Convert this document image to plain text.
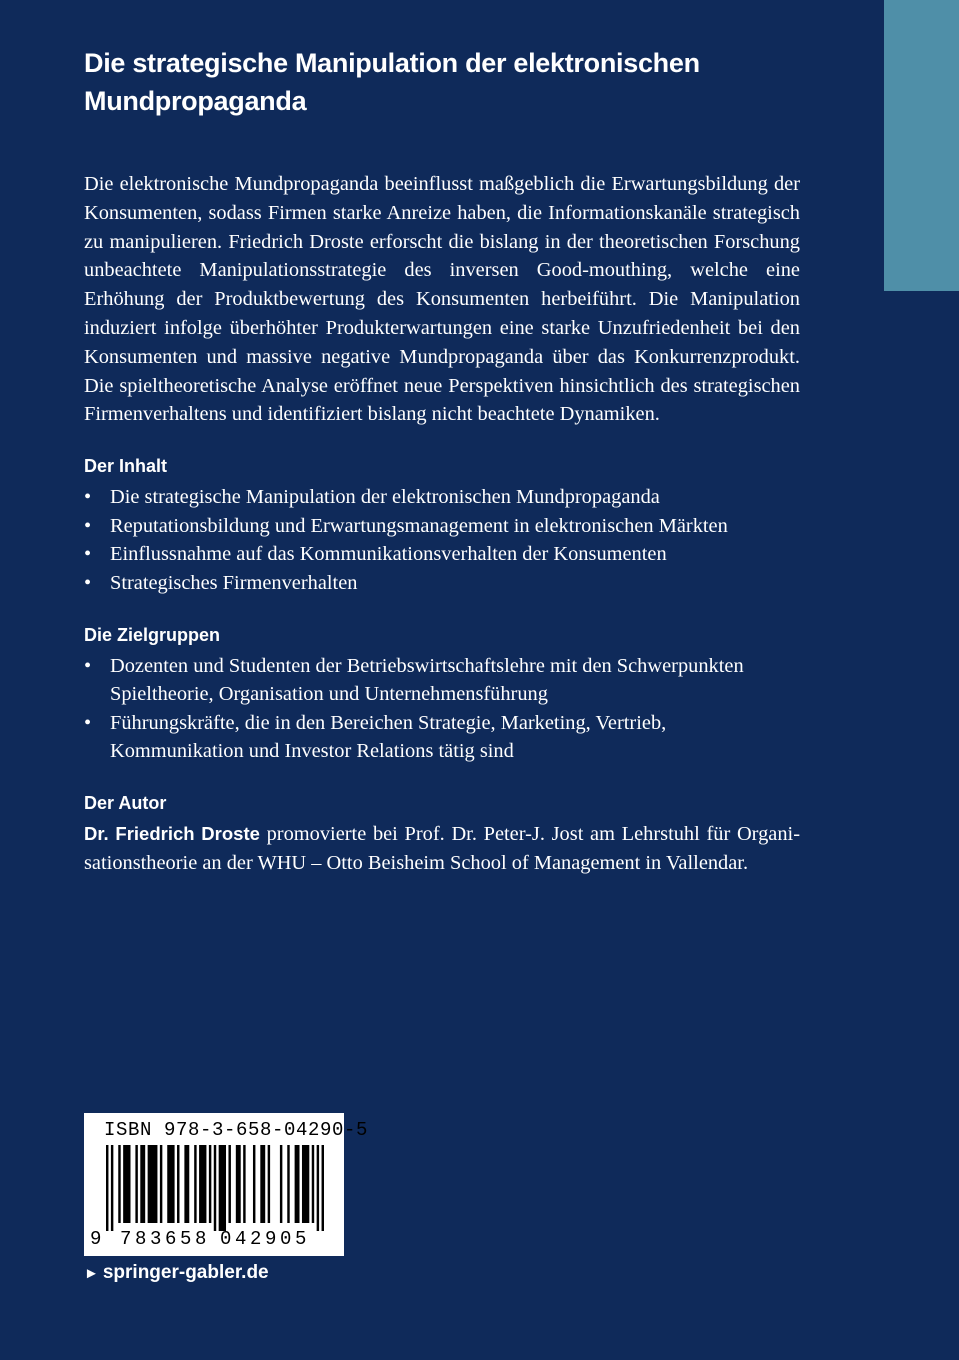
Die strategische Manipulation der elektronischen
Mundpropaganda

Die elektronische Mundpropaganda beeinflusst maßgeblich die Erwartungsbildung der Konsumenten, sodass Firmen starke Anreize haben, die Informationskanäle strategisch zu manipulieren. Friedrich Droste erforscht die bislang in der theoretischen Forschung unbeachtete Manipulationsstrategie des inversen Good-mouthing, welche eine Erhöhung der Produktbewertung des Konsumenten herbeiführt. Die Manipulation induziert infolge überhöhter Produkterwartungen eine starke Unzufriedenheit bei den Konsumenten und massive negative Mundpropaganda über das Konkurrenzprodukt. Die spieltheoretische Analyse eröffnet neue Perspektiven hinsichtlich des strategischen Firmenverhaltens und identifiziert bislang nicht beachtete Dynamiken.

Der Inhalt
• Die strategische Manipulation der elektronischen Mundpropaganda
• Reputationsbildung und Erwartungsmanagement in elektronischen Märkten
• Einflussnahme auf das Kommunikationsverhalten der Konsumenten
• Strategisches Firmenverhalten
Die Zielgruppen
• Dozenten und Studenten der Betriebswirtschaftslehre mit den Schwerpunkten Spieltheorie, Organisation und Unternehmensführung
• Führungskräfte, die in den Bereichen Strategie, Marketing, Vertrieb, Kommunikation und Investor Relations tätig sind
Der Autor

Dr. Friedrich Droste promovierte bei Prof. Dr. Peter-J. Jost am Lehrstuhl für Organisationstheorie an der WHU – Otto Beisheim School of Management in Vallendar.

ISBN 978-3-658-04290-5
9 783658 042905
► springer-gabler.de
